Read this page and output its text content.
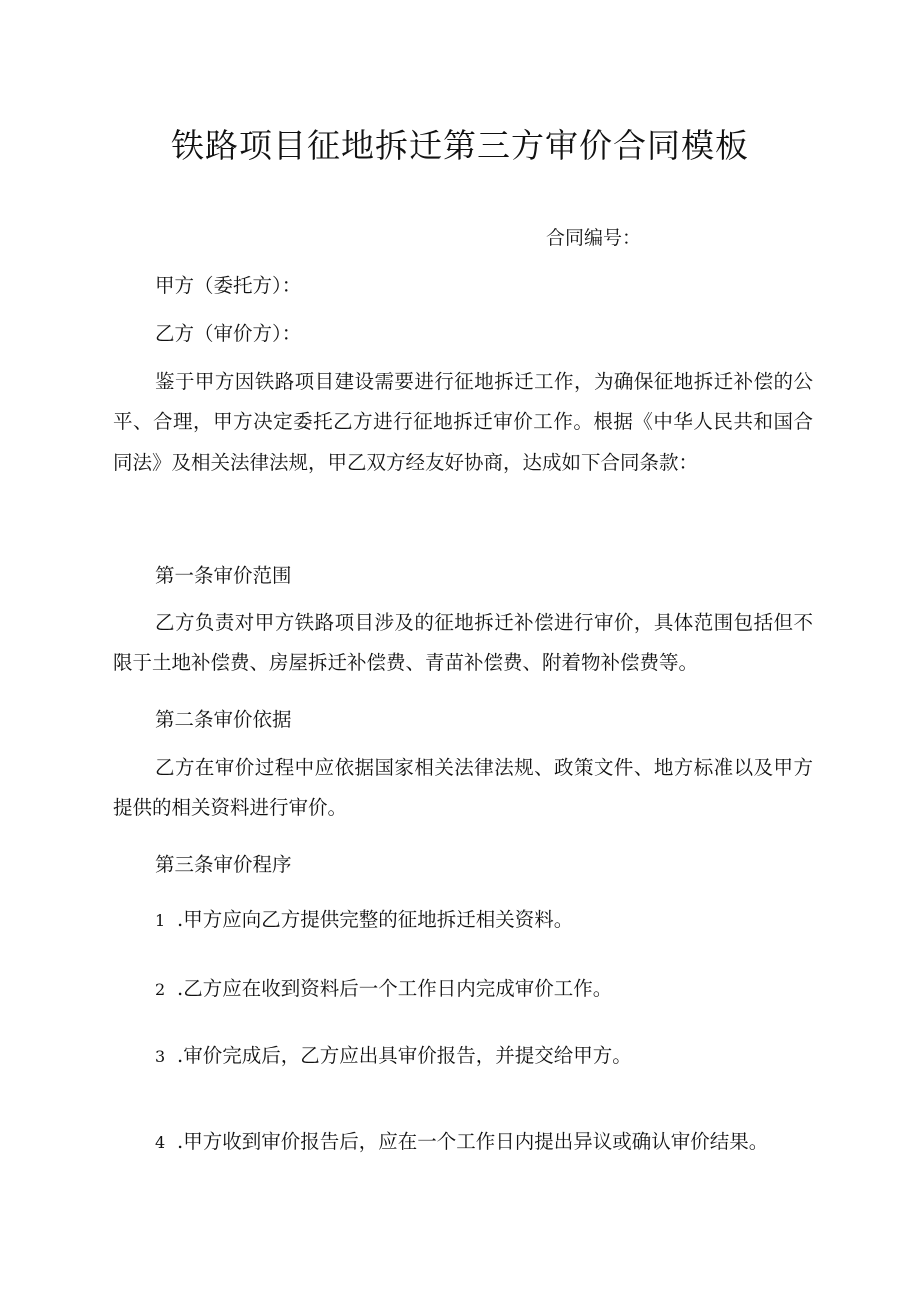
铁路项目征地拆迁第三方审价合同模板
合同编号：
甲方（委托方）：
乙方（审价方）：

鉴于甲方因铁路项目建设需要进行征地拆迁工作，为确保征地拆迁补偿的公平、合理，甲方决定委托乙方进行征地拆迁审价工作。根据《中华人民共和国合同法》及相关法律法规，甲乙双方经友好协商，达成如下合同条款：

第一条审价范围

乙方负责对甲方铁路项目涉及的征地拆迁补偿进行审价，具体范围包括但不限于土地补偿费、房屋拆迁补偿费、青苗补偿费、附着物补偿费等。

第二条审价依据

乙方在审价过程中应依据国家相关法律法规、政策文件、地方标准以及甲方提供的相关资料进行审价。

第三条审价程序
1 .甲方应向乙方提供完整的征地拆迁相关资料。
2 .乙方应在收到资料后一个工作日内完成审价工作。
3 .审价完成后，乙方应出具审价报告，并提交给甲方。
4 .甲方收到审价报告后，应在一个工作日内提出异议或确认审价结果。
